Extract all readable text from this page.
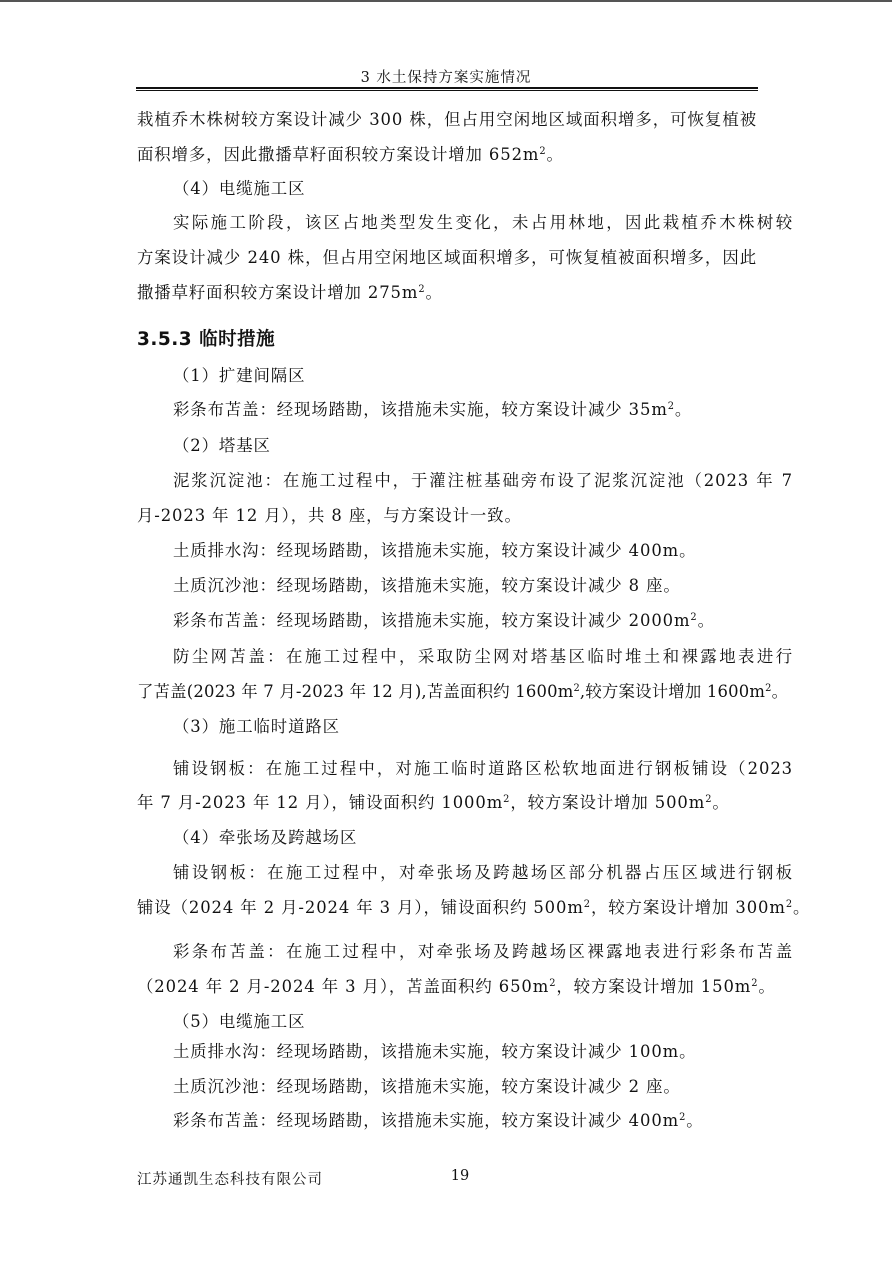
3 水土保持方案实施情况
栽植乔木株树较方案设计减少 300 株，但占用空闲地区域面积增多，可恢复植被
面积增多，因此撒播草籽面积较方案设计增加 $652m^2$。
（4）电缆施工区
实际施工阶段，该区占地类型发生变化，未占用林地，因此栽植乔木株树较
方案设计减少 240 株，但占用空闲地区域面积增多，可恢复植被面积增多，因此
撒播草籽面积较方案设计增加 $275m^2$。
3.5.3 临时措施
（1）扩建间隔区
彩条布苫盖：经现场踏勘，该措施未实施，较方案设计减少 $35m^2$。
（2）塔基区
泥浆沉淀池：在施工过程中，于灌注桩基础旁布设了泥浆沉淀池（2023 年 7
月-2023 年 12 月），共 8 座，与方案设计一致。
土质排水沟：经现场踏勘，该措施未实施，较方案设计减少 400m。
土质沉沙池：经现场踏勘，该措施未实施，较方案设计减少 8 座。
彩条布苫盖：经现场踏勘，该措施未实施，较方案设计减少 $2000m^2$。
防尘网苫盖：在施工过程中，采取防尘网对塔基区临时堆土和裸露地表进行
了苫盖(2023 年 7 月-2023 年 12 月),苫盖面积约 $1600m^2$,较方案设计增加 $1600m^2$。
（3）施工临时道路区
铺设钢板：在施工过程中，对施工临时道路区松软地面进行钢板铺设（2023
年 7 月-2023 年 12 月），铺设面积约 $1000m^2$，较方案设计增加 $500m^2$。
（4）牵张场及跨越场区
铺设钢板：在施工过程中，对牵张场及跨越场区部分机器占压区域进行钢板
铺设（2024 年 2 月-2024 年 3 月），铺设面积约 $500m^2$，较方案设计增加 $300m^2$。
彩条布苫盖：在施工过程中，对牵张场及跨越场区裸露地表进行彩条布苫盖
（2024 年 2 月-2024 年 3 月），苫盖面积约 $650m^2$，较方案设计增加 $150m^2$。
（5）电缆施工区
土质排水沟：经现场踏勘，该措施未实施，较方案设计减少 100m。
土质沉沙池：经现场踏勘，该措施未实施，较方案设计减少 2 座。
彩条布苫盖：经现场踏勘，该措施未实施，较方案设计减少 $400m^2$。
江苏通凯生态科技有限公司	19
